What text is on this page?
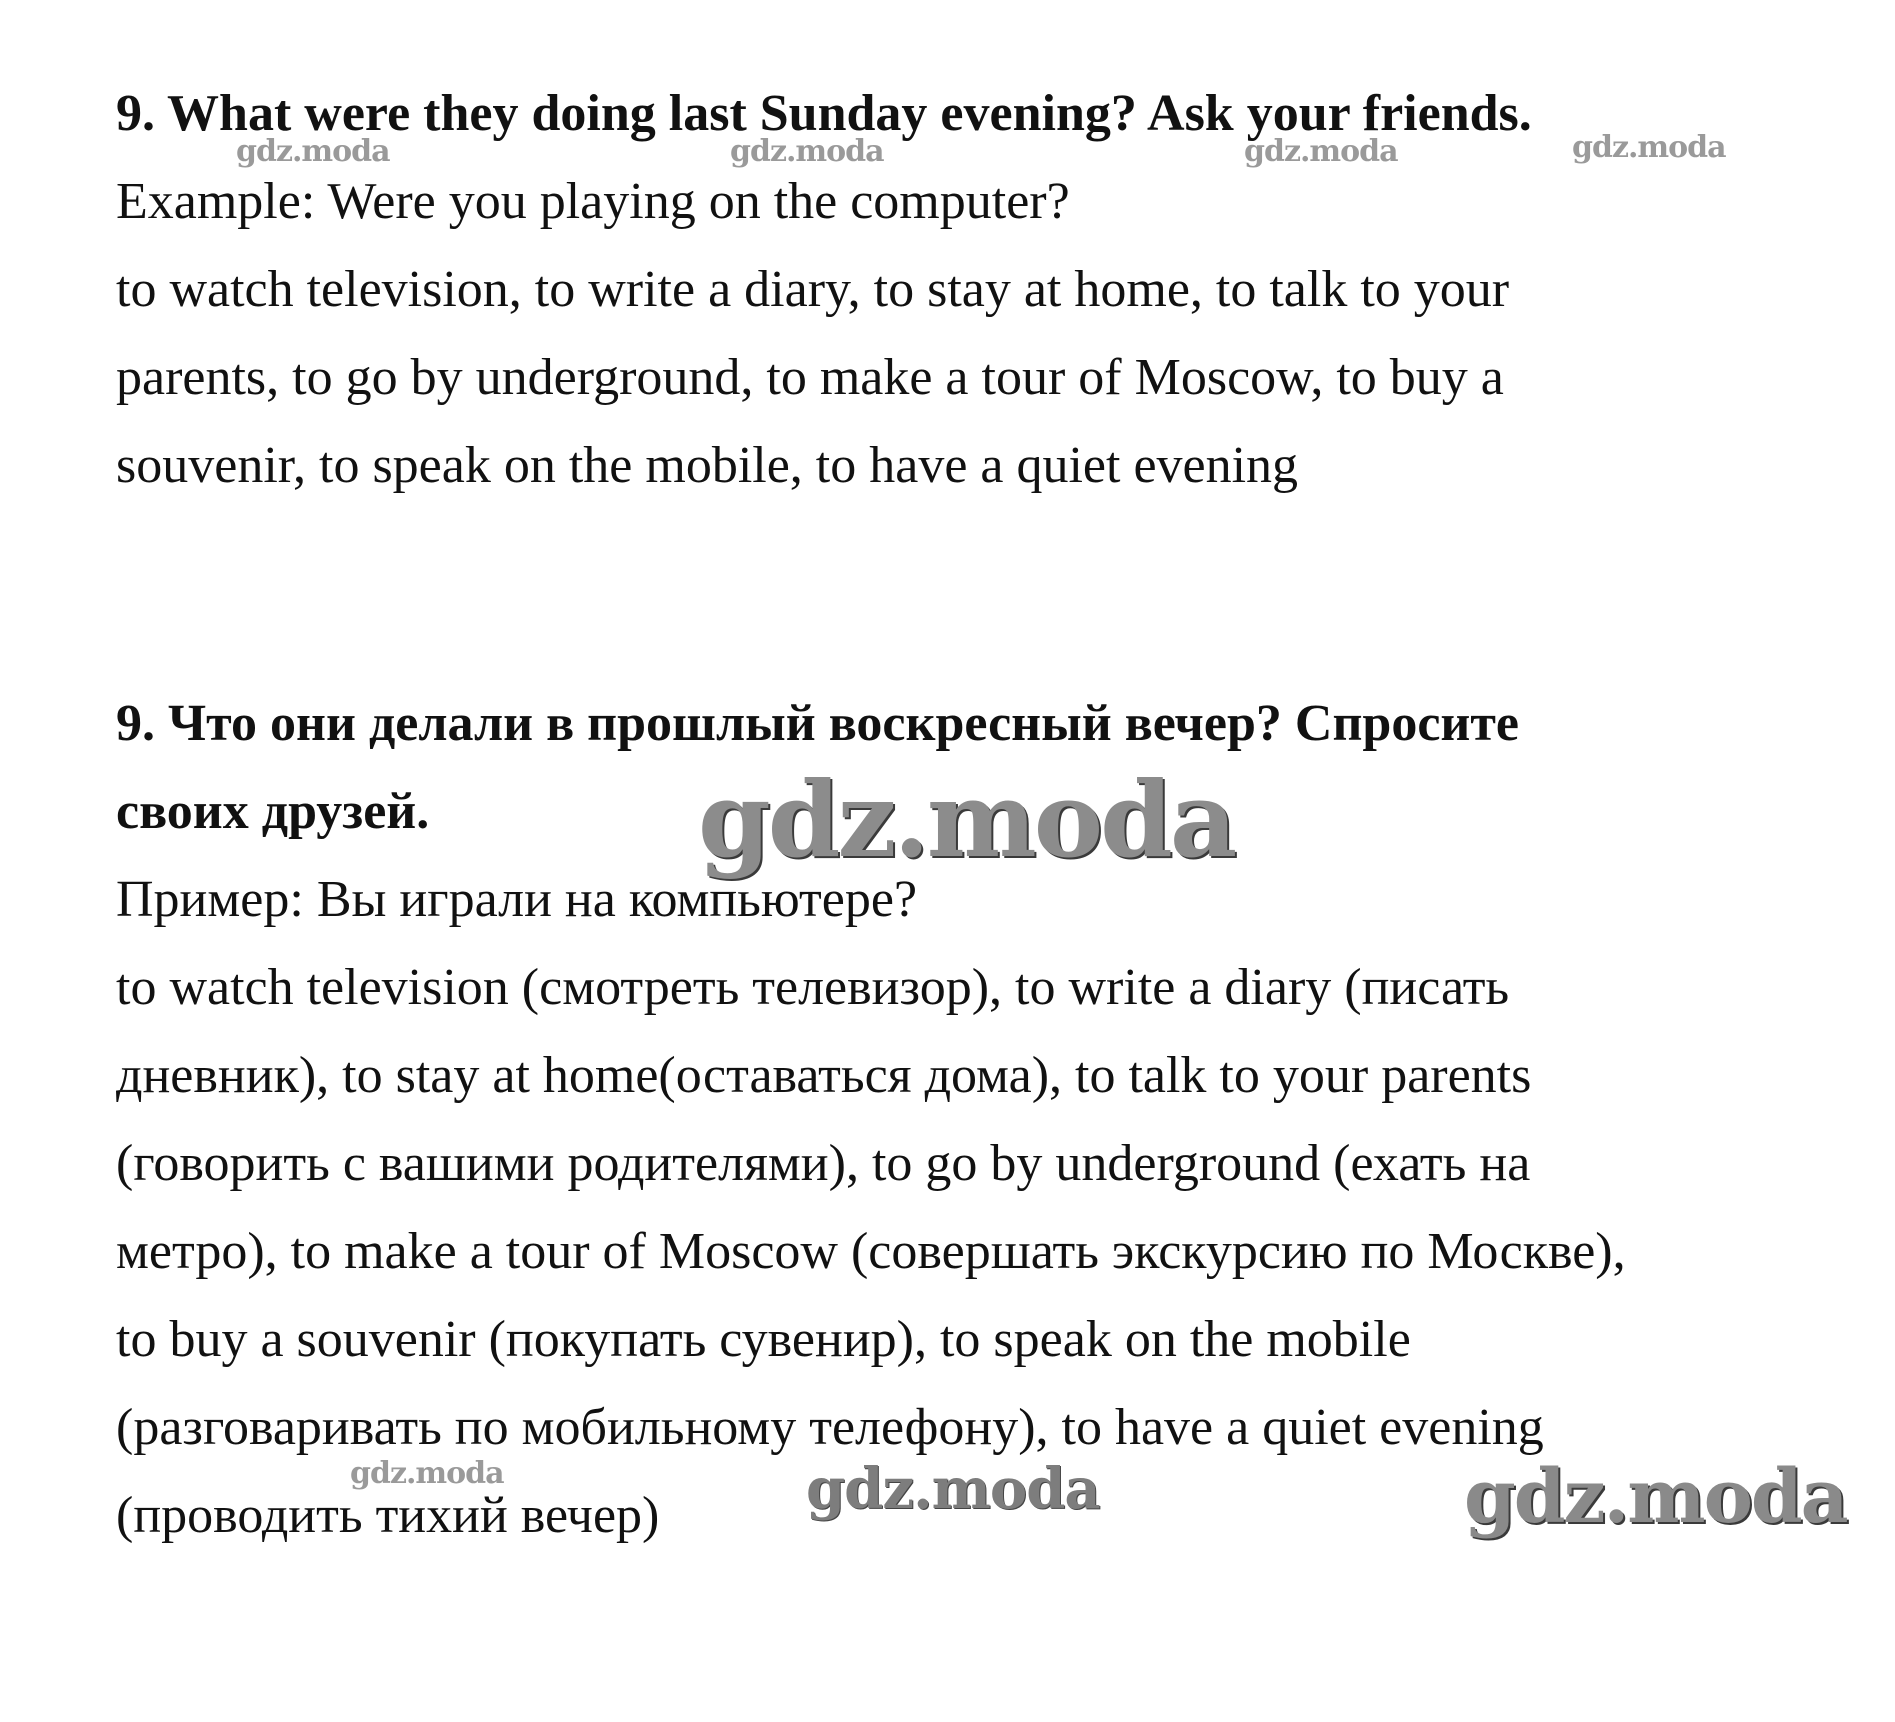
9. What were they doing last Sunday evening? Ask your friends.

Example: Were you playing on the computer?

to watch television, to write a diary, to stay at home, to talk to your

parents, to go by underground, to make a tour of Moscow, to buy a

souvenir, to speak on the mobile, to have a quiet evening

9. Что они делали в прошлый воскресный вечер? Спросите

своих друзей.

Пример: Вы играли на компьютере?

to watch television (смотреть телевизор), to write a diary (писать

дневник), to stay at home(оставаться дома), to talk to your parents

(говорить с вашими родителями), to go by underground (ехать на

метро), to make a tour of Moscow (совершать экскурсию по Москве),

to buy a souvenir (покупать сувенир), to speak on the mobile

(разговаривать по мобильному телефону), to have a quiet evening

(проводить тихий вечер)

gdz.moda	gdz.moda	gdz.moda	gdz.moda
gdz.moda
gdz.moda	gdz.moda	gdz.moda
